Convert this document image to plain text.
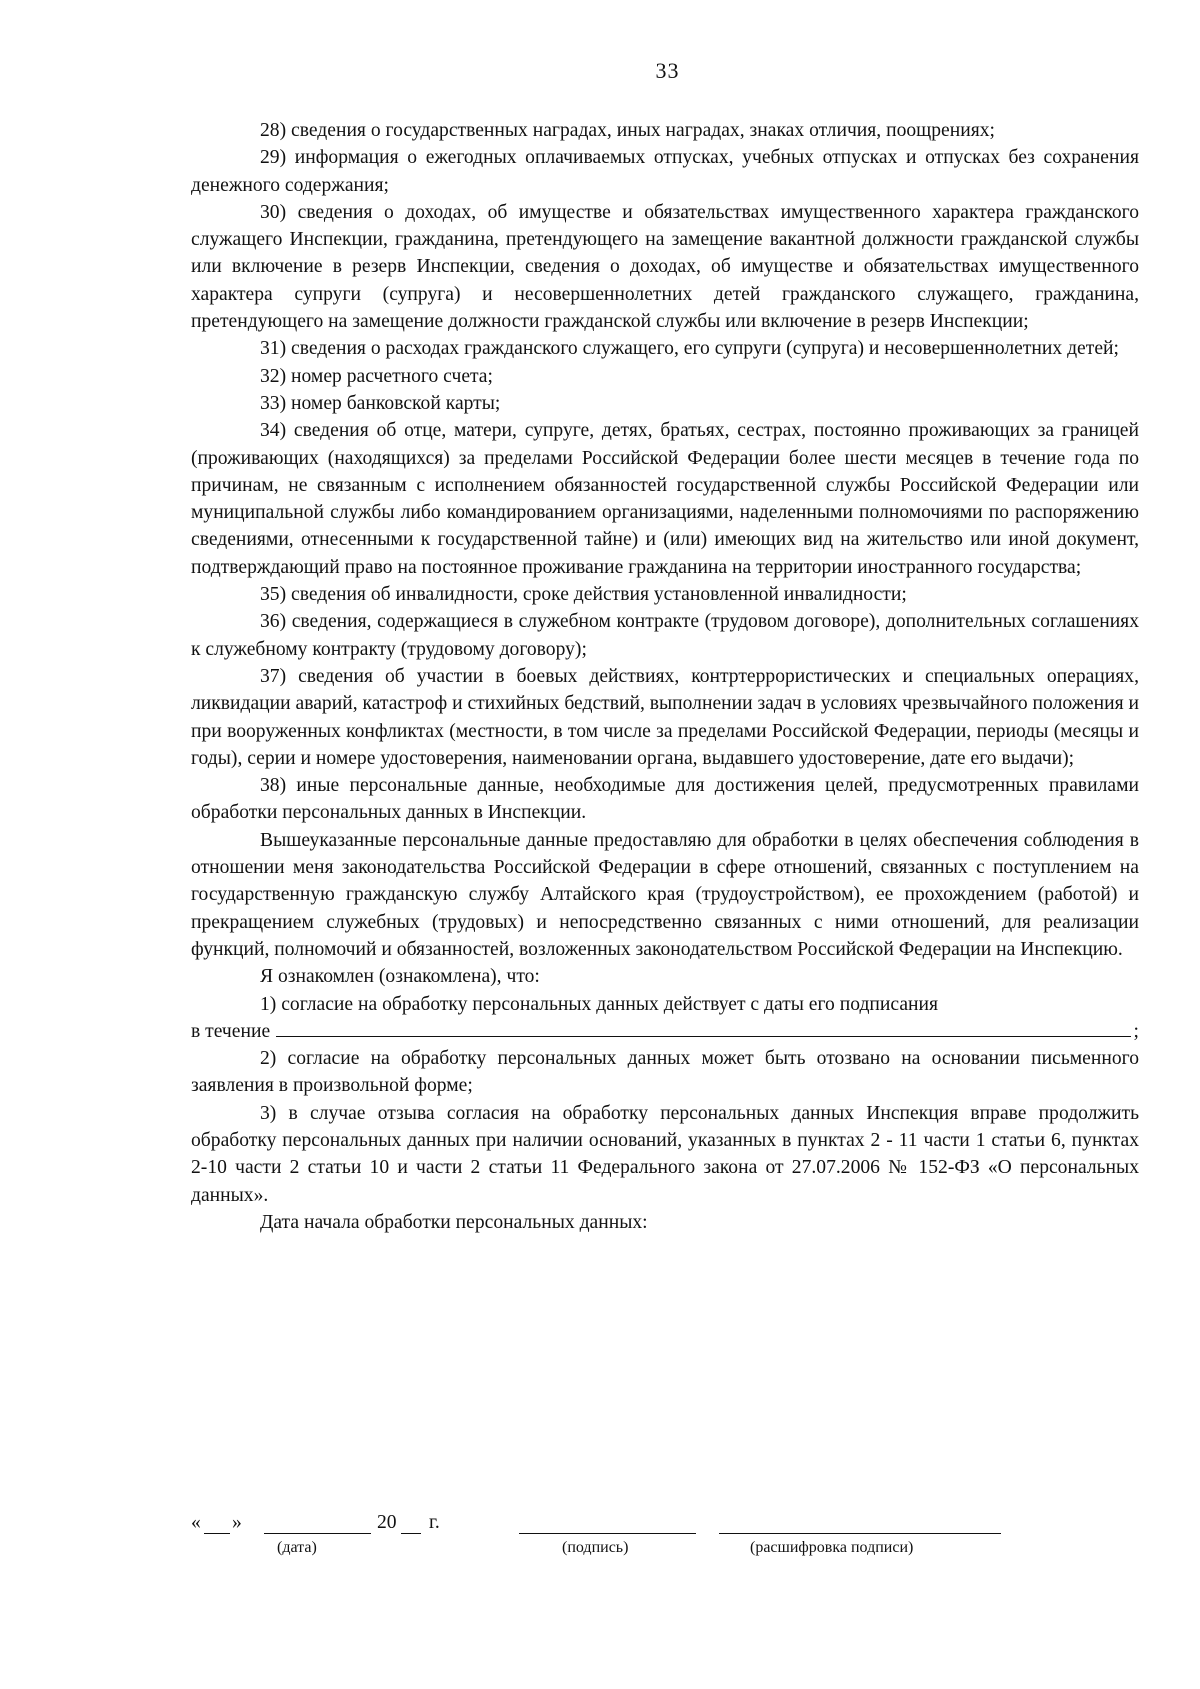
33

28) сведения о государственных наградах, иных наградах, знаках отличия, поощрениях;

29) информация о ежегодных оплачиваемых отпусках, учебных отпусках и отпусках без сохранения денежного содержания;

30) сведения о доходах, об имуществе и обязательствах имущественного характера гражданского служащего Инспекции, гражданина, претендующего на замещение вакантной должности гражданской службы или включение в резерв Инспекции, сведения о доходах, об имуществе и обязательствах имущественного характера супруги (супруга) и несовершеннолетних детей гражданского служащего, гражданина, претендующего на замещение должности гражданской службы или включение в резерв Инспекции;

31) сведения о расходах гражданского служащего, его супруги (супруга) и несовершеннолетних детей;

32) номер расчетного счета;

33) номер банковской карты;

34) сведения об отце, матери, супруге, детях, братьях, сестрах, постоянно проживающих за границей (проживающих (находящихся) за пределами Российской Федерации более шести месяцев в течение года по причинам, не связанным с исполнением обязанностей государственной службы Российской Федерации или муниципальной службы либо командированием организациями, наделенными полномочиями по распоряжению сведениями, отнесенными к государственной тайне) и (или) имеющих вид на жительство или иной документ, подтверждающий право на постоянное проживание гражданина на территории иностранного государства;

35) сведения об инвалидности, сроке действия установленной инвалидности;

36) сведения, содержащиеся в служебном контракте (трудовом договоре), дополнительных соглашениях к служебному контракту (трудовому договору);

37) сведения об участии в боевых действиях, контртеррористических и специальных операциях, ликвидации аварий, катастроф и стихийных бедствий, выполнении задач в условиях чрезвычайного положения и при вооруженных конфликтах (местности, в том числе за пределами Российской Федерации, периоды (месяцы и годы), серии и номере удостоверения, наименовании органа, выдавшего удостоверение, дате его выдачи);

38) иные персональные данные, необходимые для достижения целей, предусмотренных правилами обработки персональных данных в Инспекции.

Вышеуказанные персональные данные предоставляю для обработки в целях обеспечения соблюдения в отношении меня законодательства Российской Федерации в сфере отношений, связанных с поступлением на государственную гражданскую службу Алтайского края (трудоустройством), ее прохождением (работой) и прекращением служебных (трудовых) и непосредственно связанных с ними отношений, для реализации функций, полномочий и обязанностей, возложенных законодательством Российской Федерации на Инспекцию.

Я ознакомлен (ознакомлена), что:

1) согласие на обработку персональных данных действует с даты его подписания

в течение	;

2) согласие на обработку персональных данных может быть отозвано на основании письменного заявления в произвольной форме;

3) в случае отзыва согласия на обработку персональных данных Инспекция вправе продолжить обработку персональных данных при наличии оснований, указанных в пунктах 2 - 11 части 1 статьи 6, пунктах 2-10 части 2 статьи 10 и части 2 статьи 11 Федерального закона от 27.07.2006 № 152-ФЗ «О персональных данных».

Дата начала обработки персональных данных:

« »	20 г.
(дата)	(подпись)	(расшифровка подписи)
